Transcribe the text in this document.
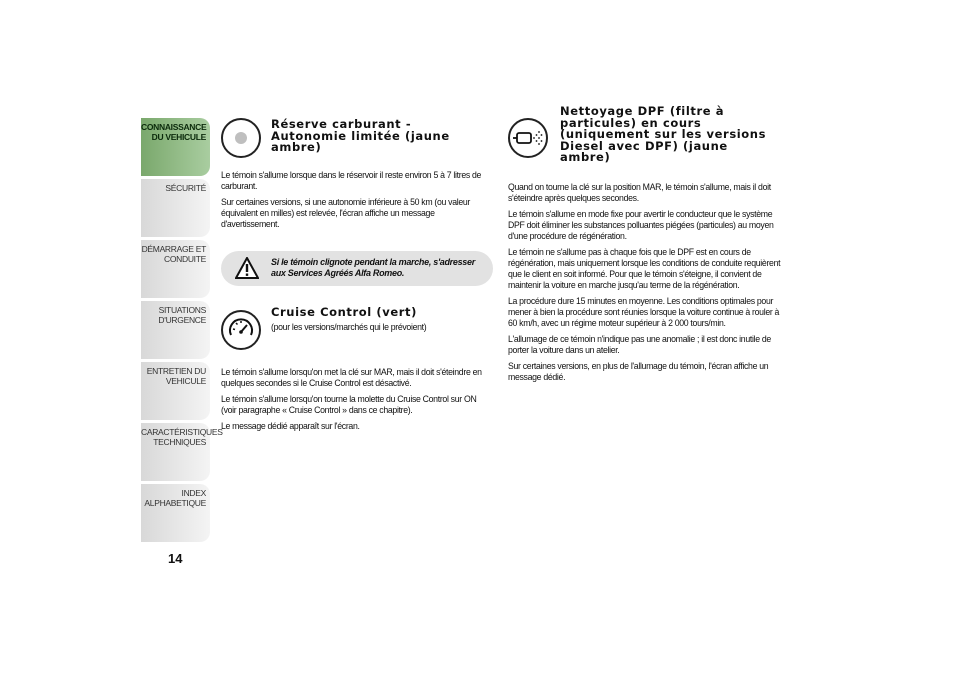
CONNAISSANCE
DU VEHICULE
SÉCURITÉ
DÉMARRAGE ET
CONDUITE
SITUATIONS
D'URGENCE
ENTRETIEN DU
VEHICULE
CARACTÉRISTIQUES
TECHNIQUES
INDEX
ALPHABETIQUE
14
Réserve carburant - Autonomie limitée (jaune ambre)

Le témoin s'allume lorsque dans le réservoir il reste environ 5 à 7 litres de carburant.

Sur certaines versions, si une autonomie inférieure à 50 km (ou valeur équivalent en milles) est relevée, l'écran affiche un message d'avertissement.

Si le témoin clignote pendant la marche, s'adresser aux Services Agréés Alfa Romeo.
Cruise Control (vert)

(pour les versions/marchés qui le prévoient)

Le témoin s'allume lorsqu'on met la clé sur MAR, mais il doit s'éteindre en quelques secondes si le Cruise Control est désactivé.

Le témoin s'allume lorsqu'on tourne la molette du Cruise Control sur ON (voir paragraphe « Cruise Control » dans ce chapitre).

Le message dédié apparaît sur l'écran.

Nettoyage DPF (filtre à particules) en cours (uniquement sur les versions Diesel avec DPF) (jaune ambre)

Quand on tourne la clé sur la position MAR, le témoin s'allume, mais il doit s'éteindre après quelques secondes.

Le témoin s'allume en mode fixe pour avertir le conducteur que le système DPF doit éliminer les substances polluantes piégées (particules) au moyen d'une procédure de régénération.

Le témoin ne s'allume pas à chaque fois que le DPF est en cours de régénération, mais uniquement lorsque les conditions de conduite requièrent que le client en soit informé. Pour que le témoin s'éteigne, il convient de maintenir la voiture en marche jusqu'au terme de la régénération.

La procédure dure 15 minutes en moyenne. Les conditions optimales pour mener à bien la procédure sont réunies lorsque la voiture continue à rouler à 60 km/h, avec un régime moteur supérieur à 2 000 tours/min.

L'allumage de ce témoin n'indique pas une anomalie ; il est donc inutile de porter la voiture dans un atelier.

Sur certaines versions, en plus de l'allumage du témoin, l'écran affiche un message dédié.
